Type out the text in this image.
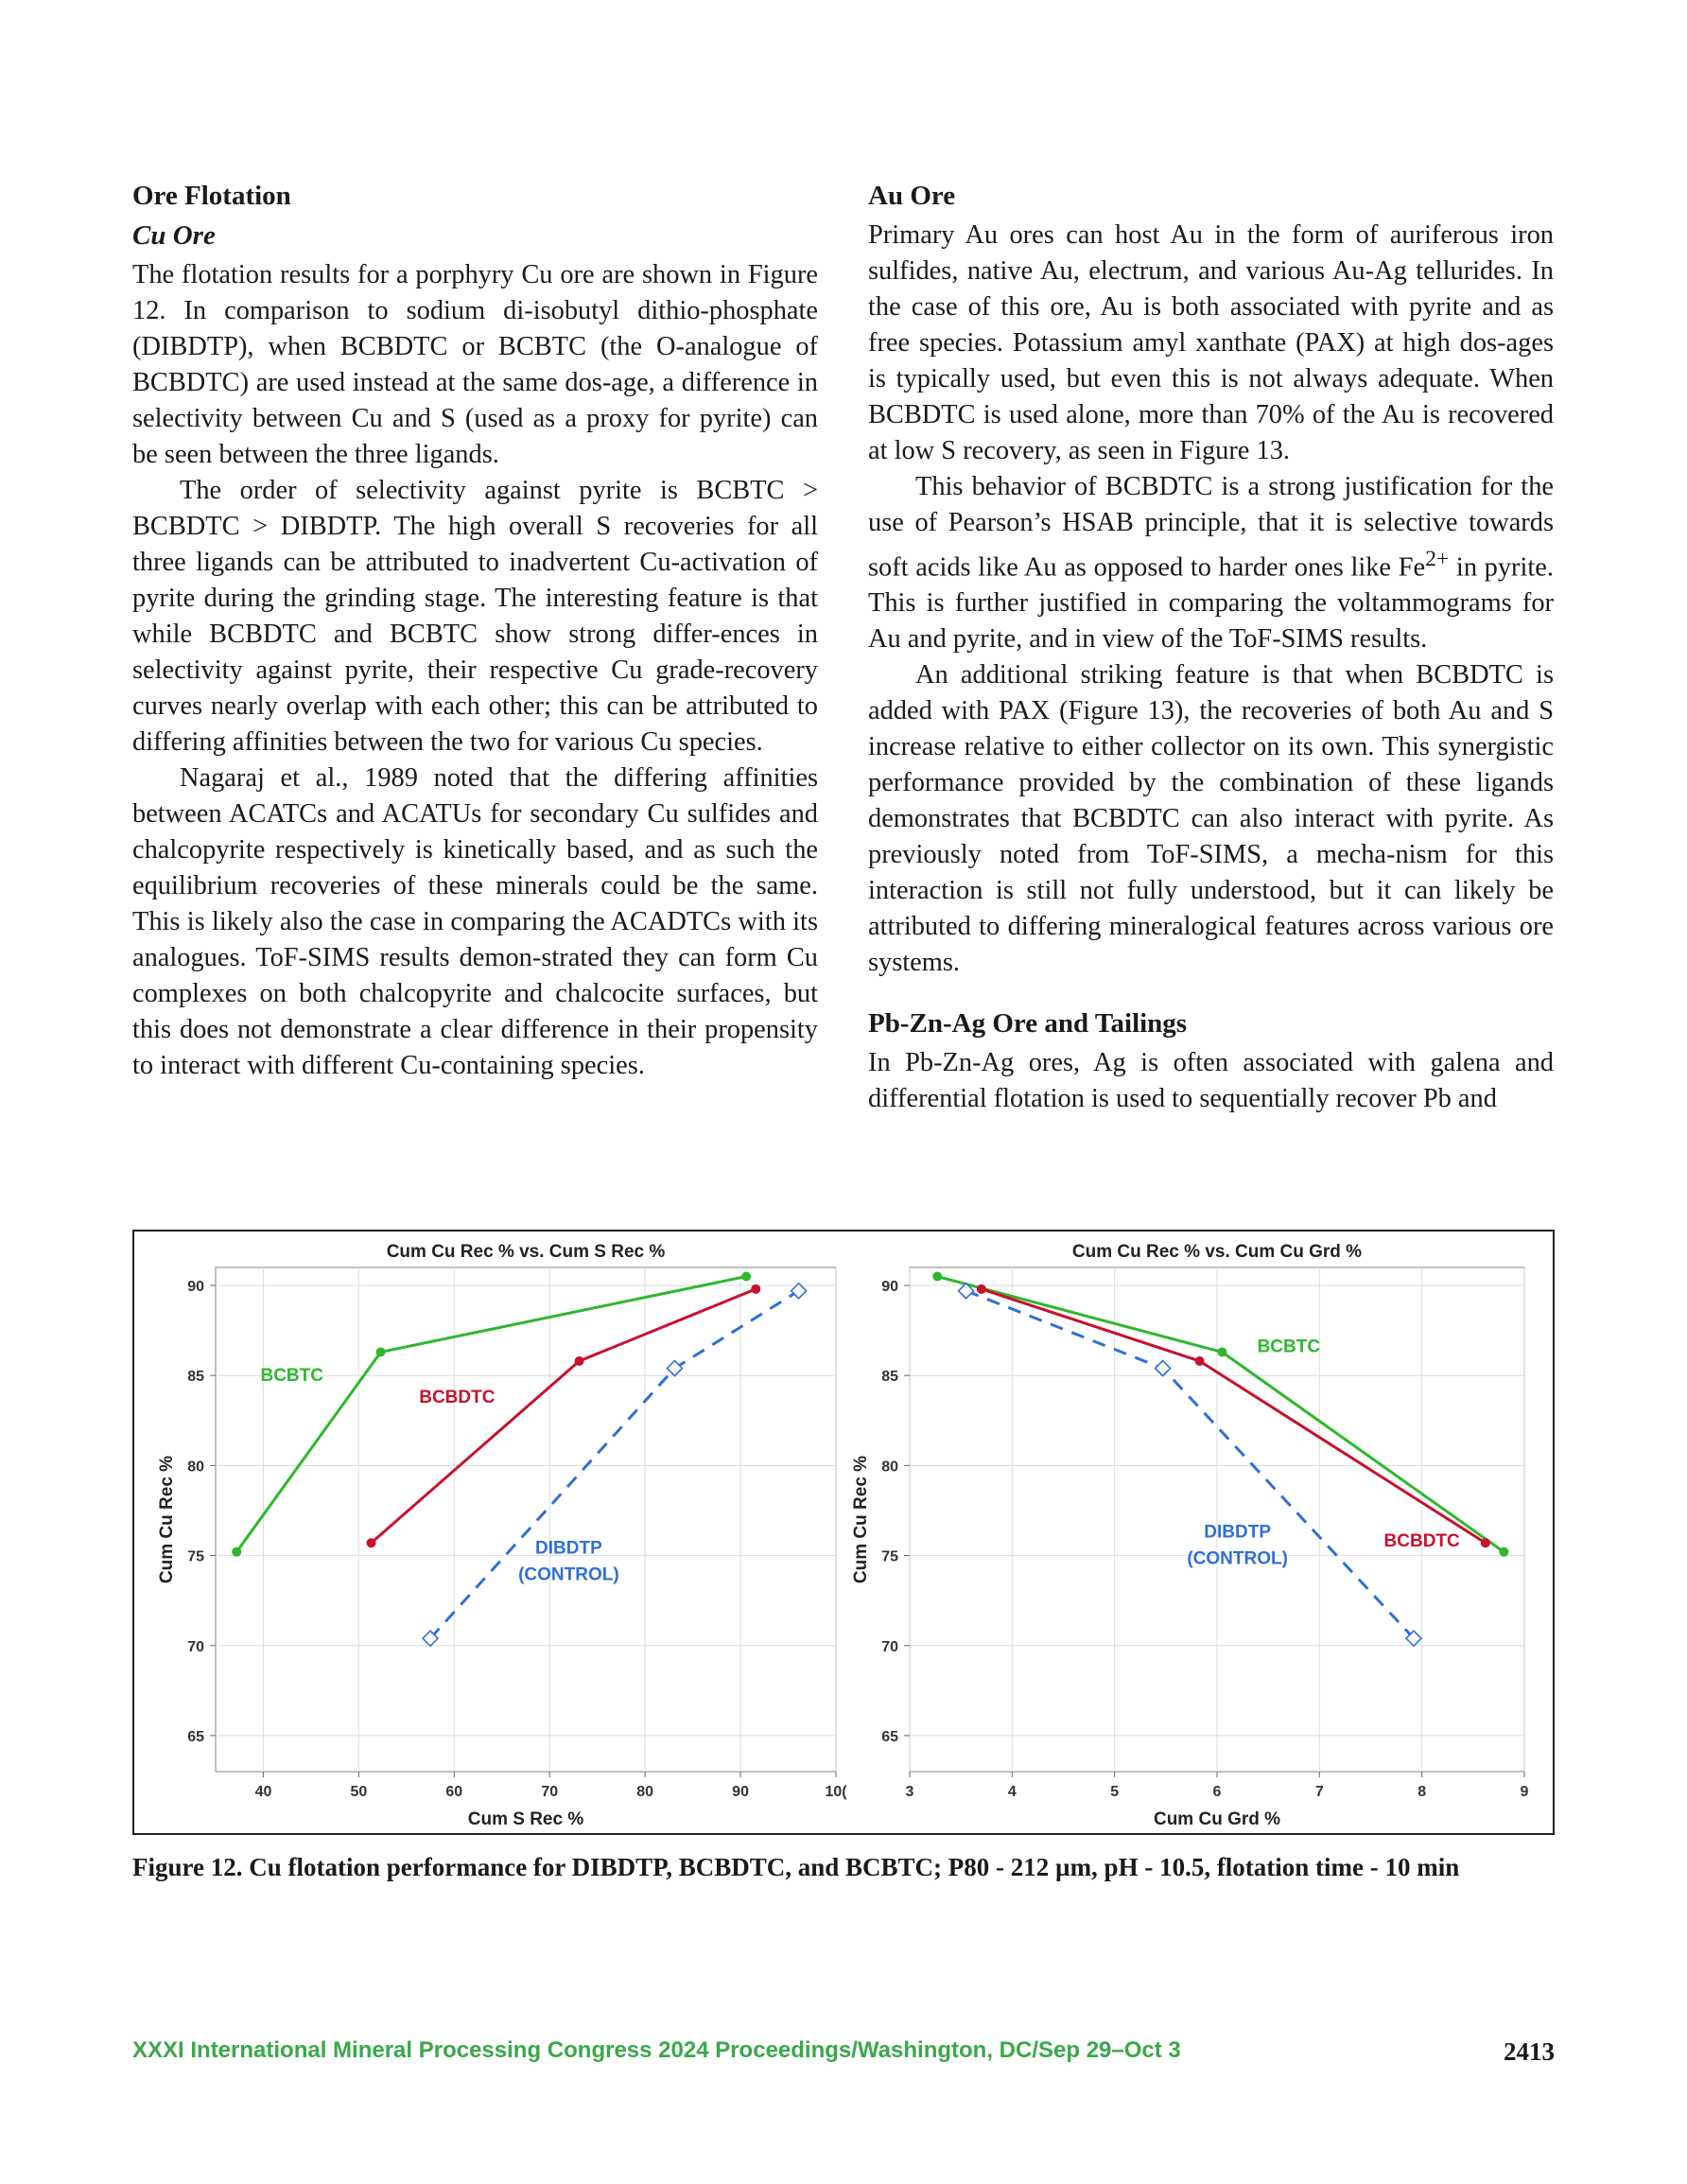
Ore Flotation
Cu Ore

The flotation results for a porphyry Cu ore are shown in Figure 12. In comparison to sodium di-isobutyl dithio-phosphate (DIBDTP), when BCBDTC or BCBTC (the O-analogue of BCBDTC) are used instead at the same dos-age, a difference in selectivity between Cu and S (used as a proxy for pyrite) can be seen between the three ligands.

The order of selectivity against pyrite is BCBTC > BCBDTC > DIBDTP. The high overall S recoveries for all three ligands can be attributed to inadvertent Cu-activation of pyrite during the grinding stage. The interesting feature is that while BCBDTC and BCBTC show strong differ-ences in selectivity against pyrite, their respective Cu grade-recovery curves nearly overlap with each other; this can be attributed to differing affinities between the two for various Cu species.

Nagaraj et al., 1989 noted that the differing affinities between ACATCs and ACATUs for secondary Cu sulfides and chalcopyrite respectively is kinetically based, and as such the equilibrium recoveries of these minerals could be the same. This is likely also the case in comparing the ACADTCs with its analogues. ToF-SIMS results demon-strated they can form Cu complexes on both chalcopyrite and chalcocite surfaces, but this does not demonstrate a clear difference in their propensity to interact with different Cu-containing species.

Au Ore

Primary Au ores can host Au in the form of auriferous iron sulfides, native Au, electrum, and various Au-Ag tellurides. In the case of this ore, Au is both associated with pyrite and as free species. Potassium amyl xanthate (PAX) at high dos-ages is typically used, but even this is not always adequate. When BCBDTC is used alone, more than 70% of the Au is recovered at low S recovery, as seen in Figure 13.

This behavior of BCBDTC is a strong justification for the use of Pearson’s HSAB principle, that it is selective towards soft acids like Au as opposed to harder ones like $Fe^{2+}$ in pyrite. This is further justified in comparing the voltammograms for Au and pyrite, and in view of the ToF-SIMS results.

An additional striking feature is that when BCBDTC is added with PAX (Figure 13), the recoveries of both Au and S increase relative to either collector on its own. This synergistic performance provided by the combination of these ligands demonstrates that BCBDTC can also interact with pyrite. As previously noted from ToF-SIMS, a mecha-nism for this interaction is still not fully understood, but it can likely be attributed to differing mineralogical features across various ore systems.

Pb-Zn-Ag Ore and Tailings

In Pb-Zn-Ag ores, Ag is often associated with galena and differential flotation is used to sequentially recover Pb and

40	50	60	70	80	90	10(
65
70
75
80
85
90
Cum Cu Rec % vs. Cum S Rec %
Cum S Rec %
Cum Cu Rec %
BCBTC
BCBDTC
DIBDTP
(CONTROL)
3	4	5	6	7	8	9
65
70
75
80
85
90
Cum Cu Rec % vs. Cum Cu Grd %
Cum Cu Grd %
Cum Cu Rec %
BCBTC
BCBDTC
DIBDTP
(CONTROL)
Figure 12. Cu flotation performance for DIBDTP, BCBDTC, and BCBTC; P80 - 212 µm, pH - 10.5, flotation time - 10 min
XXXI International Mineral Processing Congress 2024 Proceedings/Washington, DC/Sep 29–Oct 3	2413
